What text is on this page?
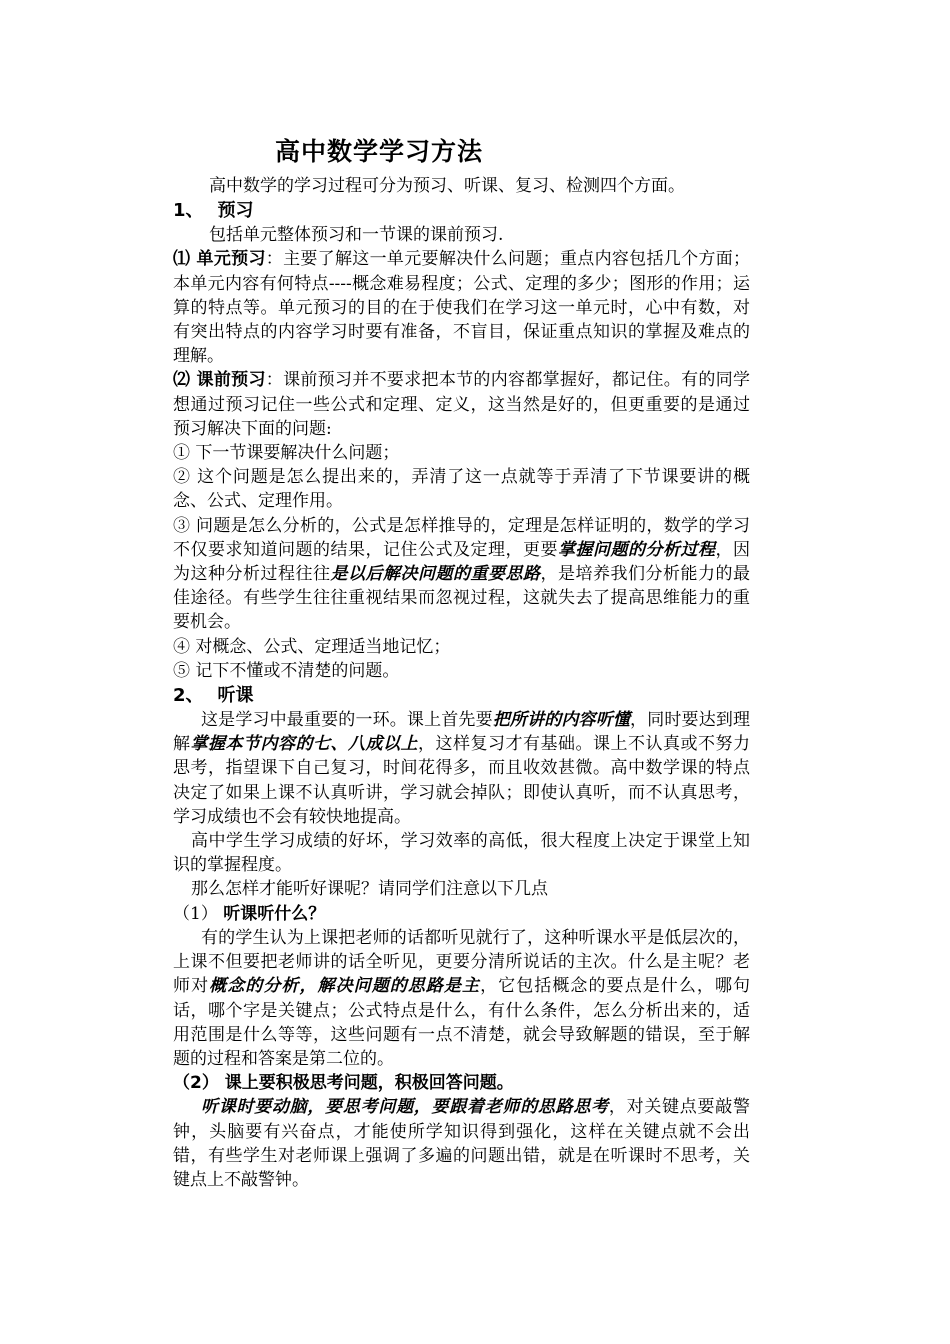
高中数学学习方法

高中数学的学习过程可分为预习、听课、复习、检测四个方面。

1、 预习

包括单元整体预习和一节课的课前预习.

⑴ 单元预习：主要了解这一单元要解决什么问题；重点内容包括几个方面；本单元内容有何特点----概念难易程度；公式、定理的多少；图形的作用；运算的特点等。单元预习的目的在于使我们在学习这一单元时，心中有数，对有突出特点的内容学习时要有准备，不盲目，保证重点知识的掌握及难点的理解。

⑵ 课前预习：课前预习并不要求把本节的内容都掌握好，都记住。有的同学想通过预习记住一些公式和定理、定义，这当然是好的，但更重要的是通过预习解决下面的问题:

① 下一节课要解决什么问题；

② 这个问题是怎么提出来的，弄清了这一点就等于弄清了下节课要讲的概念、公式、定理作用。

③ 问题是怎么分析的，公式是怎样推导的，定理是怎样证明的，数学的学习不仅要求知道问题的结果，记住公式及定理，更要掌握问题的分析过程，因为这种分析过程往往是以后解决问题的重要思路，是培养我们分析能力的最佳途径。有些学生往往重视结果而忽视过程，这就失去了提高思维能力的重要机会。

④ 对概念、公式、定理适当地记忆；

⑤ 记下不懂或不清楚的问题。

2、 听课

这是学习中最重要的一环。课上首先要把所讲的内容听懂，同时要达到理解掌握本节内容的七、八成以上，这样复习才有基础。课上不认真或不努力思考，指望课下自己复习，时间花得多，而且收效甚微。高中数学课的特点决定了如果上课不认真听讲，学习就会掉队；即使认真听，而不认真思考，学习成绩也不会有较快地提高。

高中学生学习成绩的好坏，学习效率的高低，很大程度上决定于课堂上知识的掌握程度。

那么怎样才能听好课呢？请同学们注意以下几点

（1） 听课听什么？

有的学生认为上课把老师的话都听见就行了，这种听课水平是低层次的，上课不但要把老师讲的话全听见，更要分清所说话的主次。什么是主呢？老师对概念的分析，解决问题的思路是主，它包括概念的要点是什么，哪句话，哪个字是关键点；公式特点是什么，有什么条件，怎么分析出来的，适用范围是什么等等，这些问题有一点不清楚，就会导致解题的错误，至于解题的过程和答案是第二位的。

（2） 课上要积极思考问题，积极回答问题。

听课时要动脑，要思考问题，要跟着老师的思路思考，对关键点要敲警钟，头脑要有兴奋点，才能使所学知识得到强化，这样在关键点就不会出错，有些学生对老师课上强调了多遍的问题出错，就是在听课时不思考，关键点上不敲警钟。
